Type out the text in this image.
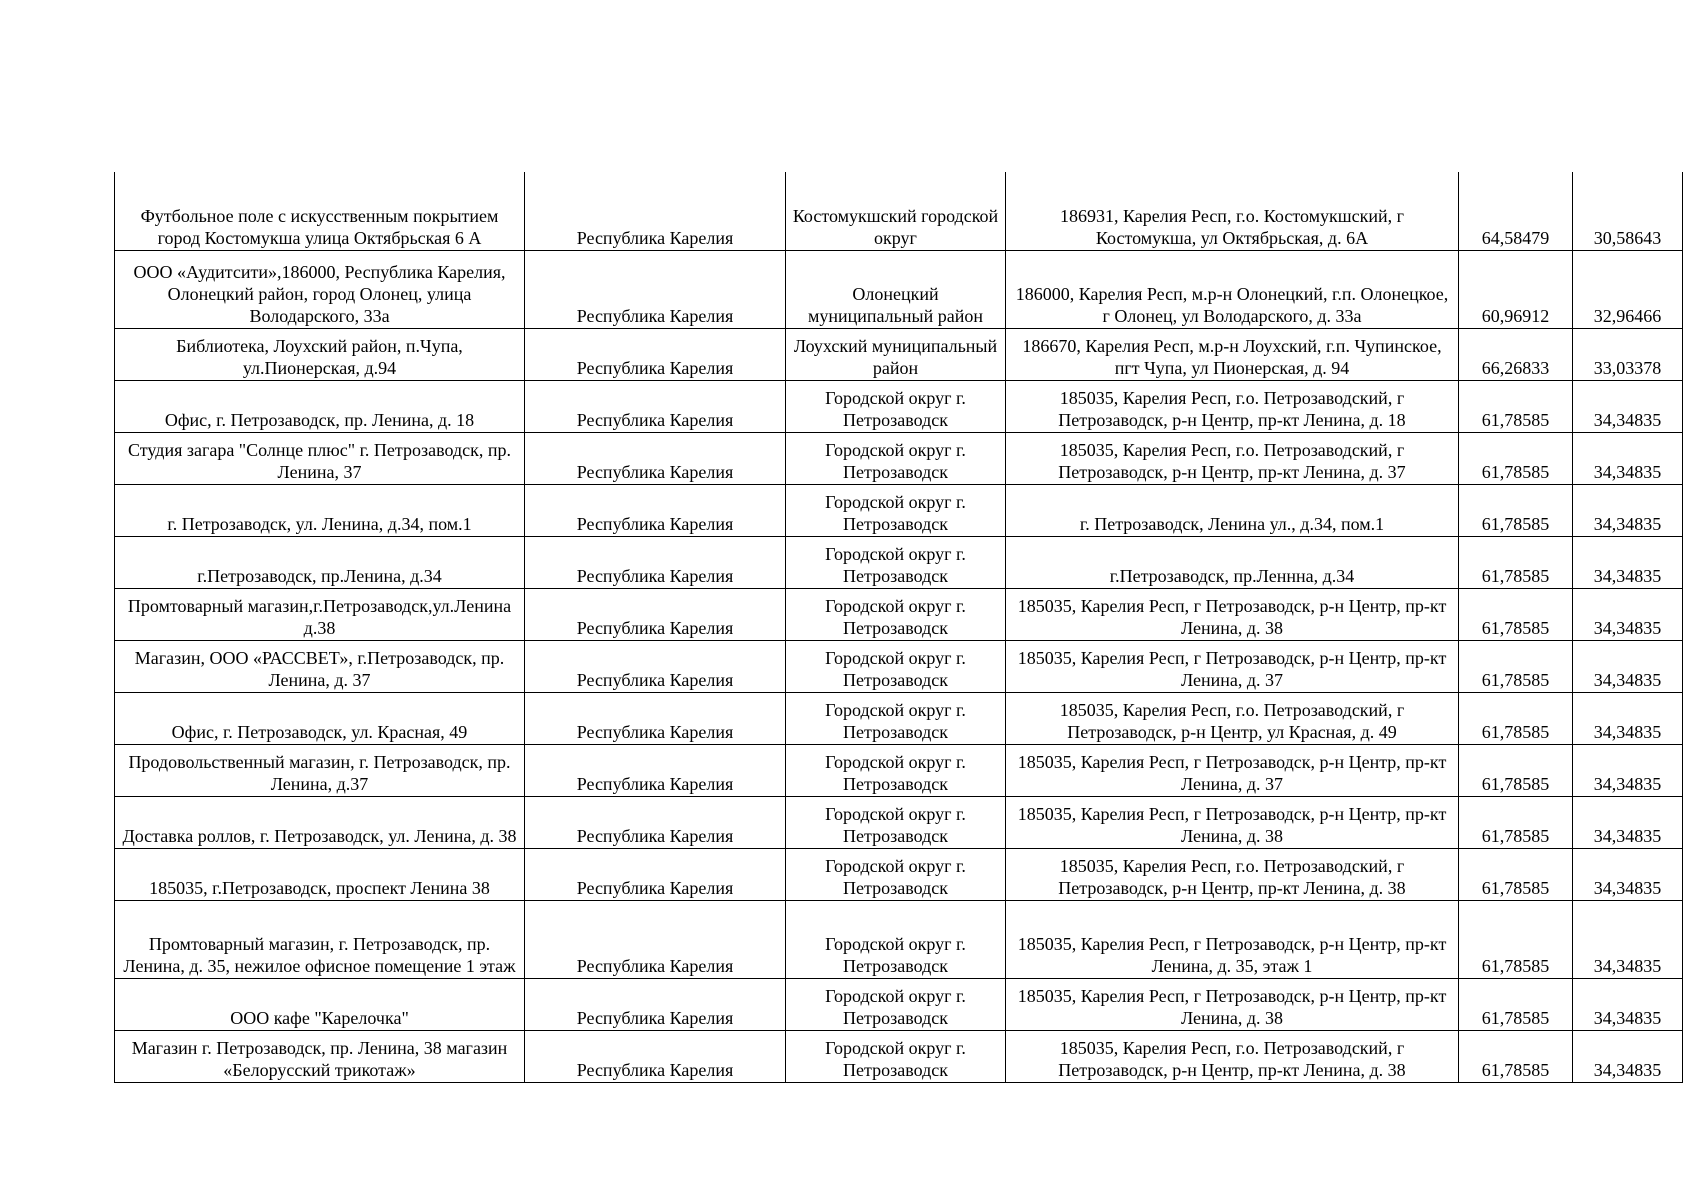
Футбольное поле с искусственным покрытием город Костомукша улица Октябрьская 6 А	Республика Карелия	Костомукшский городской округ	186931, Карелия Респ, г.о. Костомукшский, г Костомукша, ул Октябрьская, д. 6А	64,58479	30,58643
ООО «Аудитсити»,186000, Республика Карелия, Олонецкий район, город Олонец, улица Володарского, 33а	Республика Карелия	Олонецкий муниципальный район	186000, Карелия Респ, м.р-н Олонецкий, г.п. Олонецкое, г Олонец, ул Володарского, д. 33а	60,96912	32,96466
Библиотека, Лоухский район, п.Чупа, ул.Пионерская, д.94	Республика Карелия	Лоухский муниципальный район	186670, Карелия Респ, м.р-н Лоухский, г.п. Чупинское, пгт Чупа, ул Пионерская, д. 94	66,26833	33,03378
Офис, г. Петрозаводск, пр. Ленина, д. 18	Республика Карелия	Городской округ г. Петрозаводск	185035, Карелия Респ, г.о. Петрозаводский, г Петрозаводск, р-н Центр, пр-кт Ленина, д. 18	61,78585	34,34835
Студия загара "Солнце плюс" г. Петрозаводск, пр. Ленина, 37	Республика Карелия	Городской округ г. Петрозаводск	185035, Карелия Респ, г.о. Петрозаводский, г Петрозаводск, р-н Центр, пр-кт Ленина, д. 37	61,78585	34,34835
г. Петрозаводск, ул. Ленина, д.34, пом.1	Республика Карелия	Городской округ г. Петрозаводск	г. Петрозаводск, Ленина ул., д.34, пом.1	61,78585	34,34835
г.Петрозаводск, пр.Ленина, д.34	Республика Карелия	Городской округ г. Петрозаводск	г.Петрозаводск, пр.Леннна, д.34	61,78585	34,34835
Промтоварный магазин,г.Петрозаводск,ул.Ленина д.38	Республика Карелия	Городской округ г. Петрозаводск	185035, Карелия Респ, г Петрозаводск, р-н Центр, пр-кт Ленина, д. 38	61,78585	34,34835
Магазин, ООО «РАССВЕТ», г.Петрозаводск, пр. Ленина, д. 37	Республика Карелия	Городской округ г. Петрозаводск	185035, Карелия Респ, г Петрозаводск, р-н Центр, пр-кт Ленина, д. 37	61,78585	34,34835
Офис, г. Петрозаводск, ул. Красная, 49	Республика Карелия	Городской округ г. Петрозаводск	185035, Карелия Респ, г.о. Петрозаводский, г Петрозаводск, р-н Центр, ул Красная, д. 49	61,78585	34,34835
Продовольственный магазин, г. Петрозаводск, пр. Ленина, д.37	Республика Карелия	Городской округ г. Петрозаводск	185035, Карелия Респ, г Петрозаводск, р-н Центр, пр-кт Ленина, д. 37	61,78585	34,34835
Доставка роллов, г. Петрозаводск, ул. Ленина, д. 38	Республика Карелия	Городской округ г. Петрозаводск	185035, Карелия Респ, г Петрозаводск, р-н Центр, пр-кт Ленина, д. 38	61,78585	34,34835
185035, г.Петрозаводск, проспект Ленина 38	Республика Карелия	Городской округ г. Петрозаводск	185035, Карелия Респ, г.о. Петрозаводский, г Петрозаводск, р-н Центр, пр-кт Ленина, д. 38	61,78585	34,34835
Промтоварный магазин, г. Петрозаводск, пр. Ленина, д. 35, нежилое офисное помещение 1 этаж	Республика Карелия	Городской округ г. Петрозаводск	185035, Карелия Респ, г Петрозаводск, р-н Центр, пр-кт Ленина, д. 35, этаж 1	61,78585	34,34835
ООО кафе "Карелочка"	Республика Карелия	Городской округ г. Петрозаводск	185035, Карелия Респ, г Петрозаводск, р-н Центр, пр-кт Ленина, д. 38	61,78585	34,34835
Магазин г. Петрозаводск, пр. Ленина, 38 магазин «Белорусский трикотаж»	Республика Карелия	Городской округ г. Петрозаводск	185035, Карелия Респ, г.о. Петрозаводский, г Петрозаводск, р-н Центр, пр-кт Ленина, д. 38	61,78585	34,34835
